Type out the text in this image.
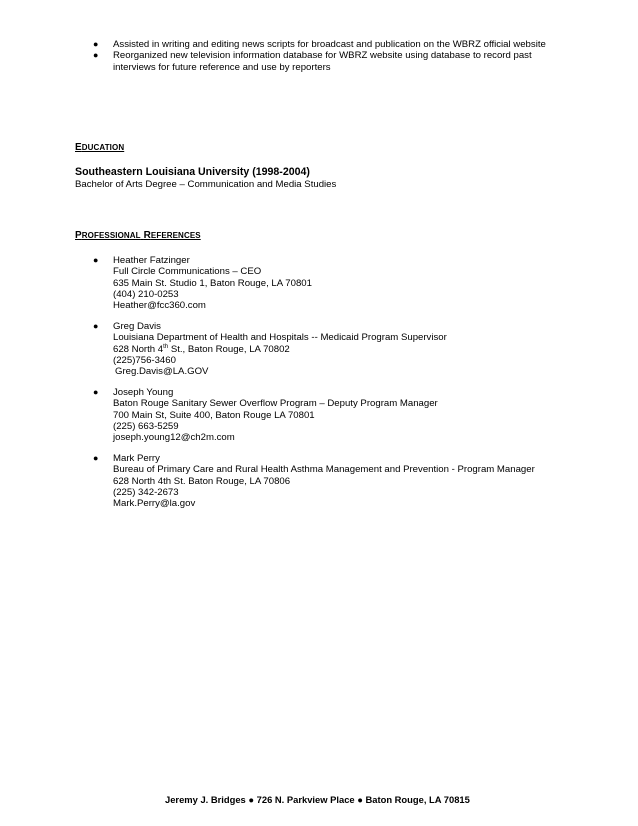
● Assisted in writing and editing news scripts for broadcast and publication on the WBRZ official website
● Reorganized new television information database for WBRZ website using database to record past
interviews for future reference and use by reporters
EDUCATION
Southeastern Louisiana University (1998-2004)
Bachelor of Arts Degree – Communication and Media Studies
PROFESSIONAL REFERENCES
● Heather Fatzinger
Full Circle Communications – CEO
635 Main St. Studio 1, Baton Rouge, LA 70801
(404) 210-0253
Heather@fcc360.com
● Greg Davis
Louisiana Department of Health and Hospitals -- Medicaid Program Supervisor
628 North 4th St., Baton Rouge, LA 70802
(225)756-3460
Greg.Davis@LA.GOV
● Joseph Young
Baton Rouge Sanitary Sewer Overflow Program – Deputy Program Manager
700 Main St, Suite 400, Baton Rouge LA 70801
(225) 663-5259
joseph.young12@ch2m.com
● Mark Perry
Bureau of Primary Care and Rural Health Asthma Management and Prevention - Program Manager
628 North 4th St. Baton Rouge, LA 70806
(225) 342-2673
Mark.Perry@la.gov
Jeremy J. Bridges ● 726 N. Parkview Place ● Baton Rouge, LA 70815
